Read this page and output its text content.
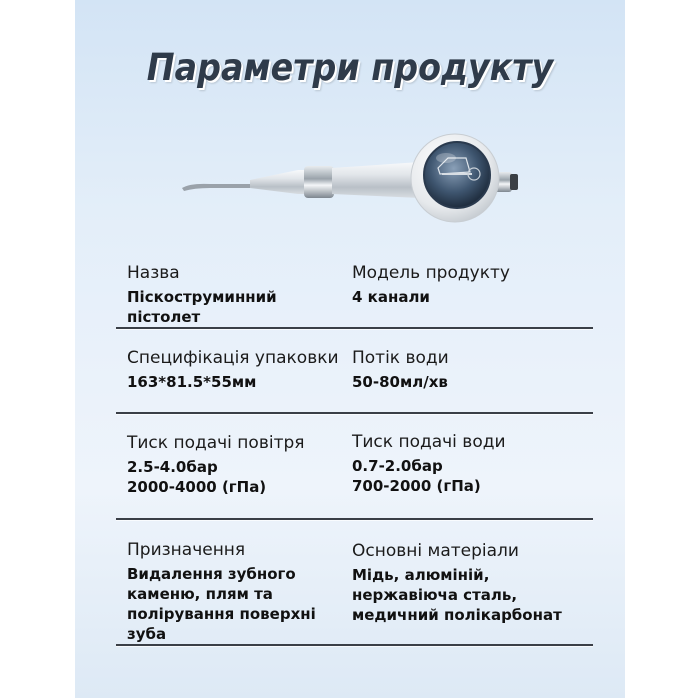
Параметри продукту
Назва
Піскоструминний
пістолет
Модель продукту
4 канали
Специфікація упаковки
163*81.5*55мм
Потік води
50-80мл/хв
Тиск подачі повітря
2.5-4.0бар
2000-4000 (гПа)
Тиск подачі води
0.7-2.0бар
700-2000 (гПа)
Призначення
Видалення зубного
каменю, плям та
полірування поверхні
зуба
Основні матеріали
Мідь, алюміній,
нержавіюча сталь,
медичний полікарбонат
